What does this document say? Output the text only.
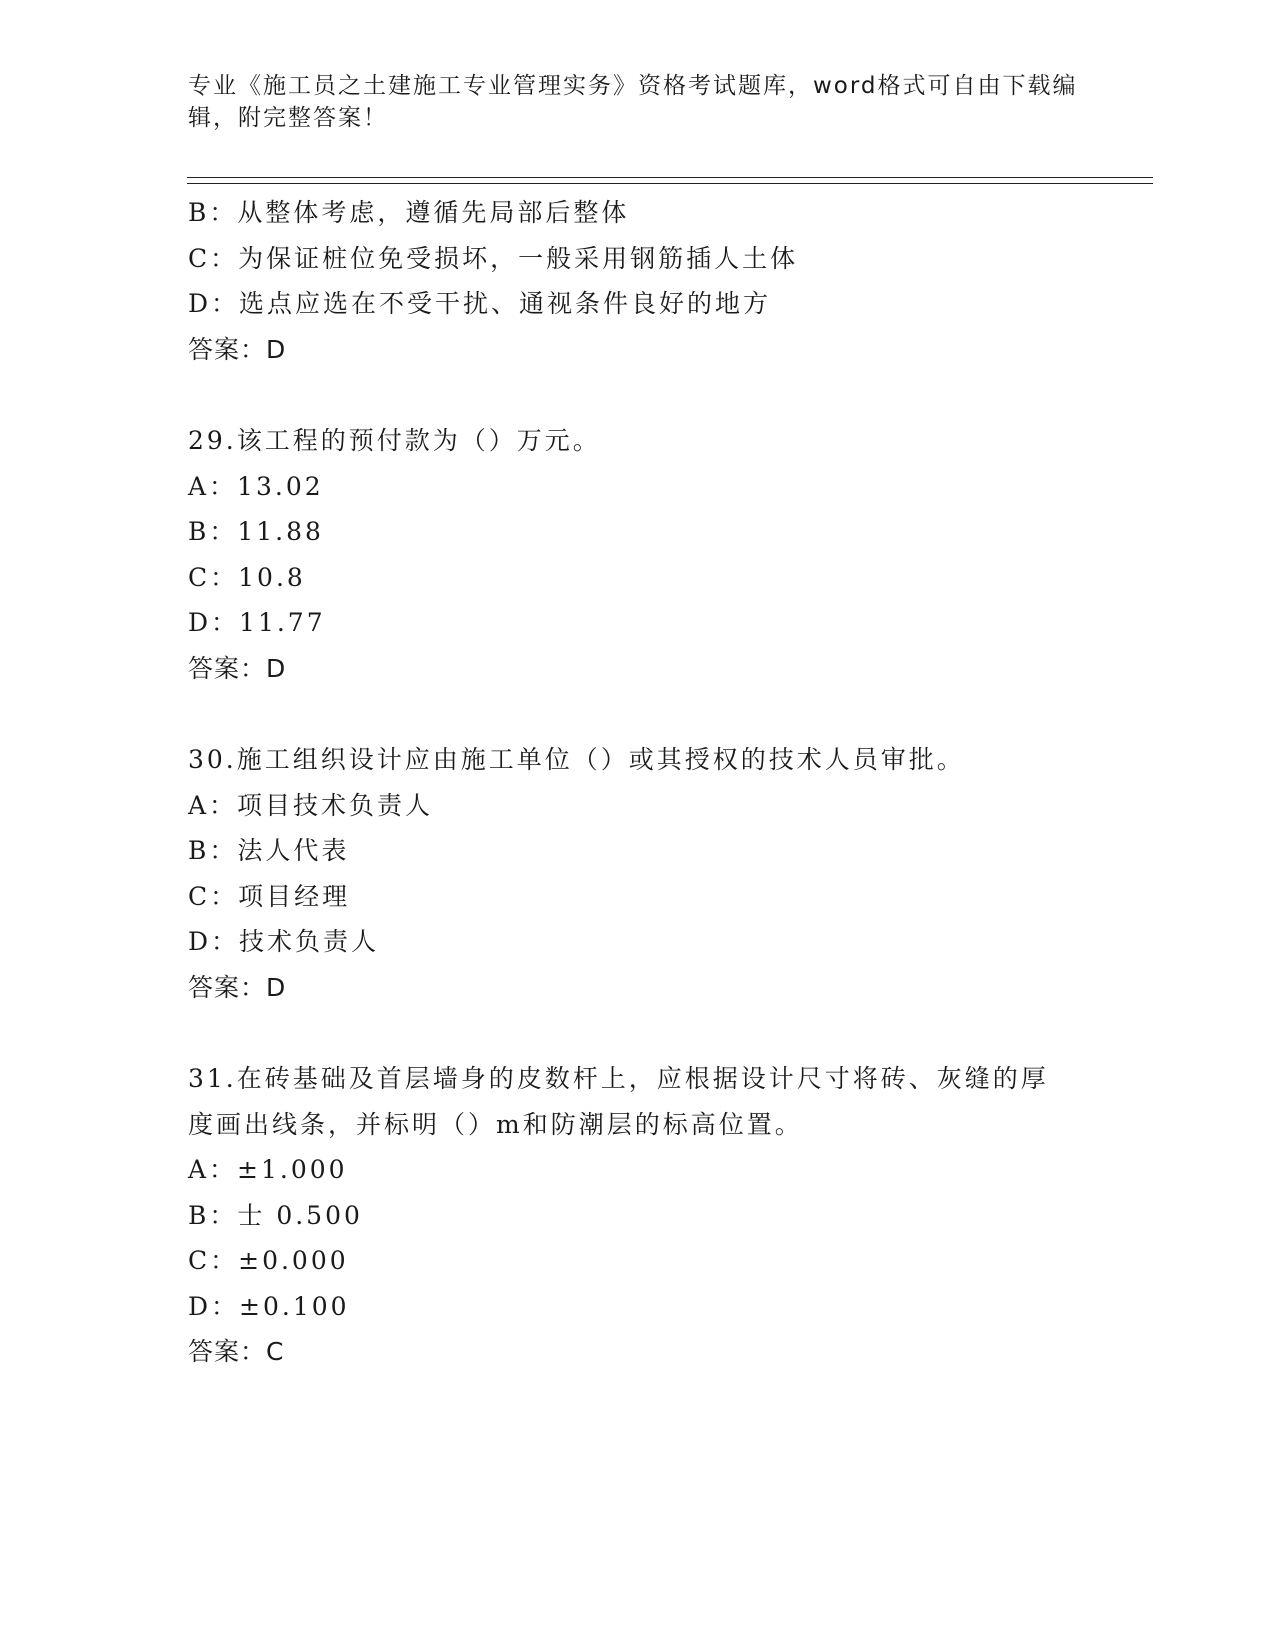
专业《施工员之土建施工专业管理实务》资格考试题库，word格式可自由下载编
辑，附完整答案！
B：从整体考虑，遵循先局部后整体
C：为保证桩位免受损坏，一般采用钢筋插人土体
D：选点应选在不受干扰、通视条件良好的地方
答案：D
29.该工程的预付款为（）万元。
A：13.02
B：11.88
C：10.8
D：11.77
答案：D
30.施工组织设计应由施工单位（）或其授权的技术人员审批。
A：项目技术负责人
B：法人代表
C：项目经理
D：技术负责人
答案：D
31.在砖基础及首层墙身的皮数杆上，应根据设计尺寸将砖、灰缝的厚
度画出线条，并标明（）m和防潮层的标高位置。
A：±1.000
B：士 0.500
C：±0.000
D：±0.100
答案：C
